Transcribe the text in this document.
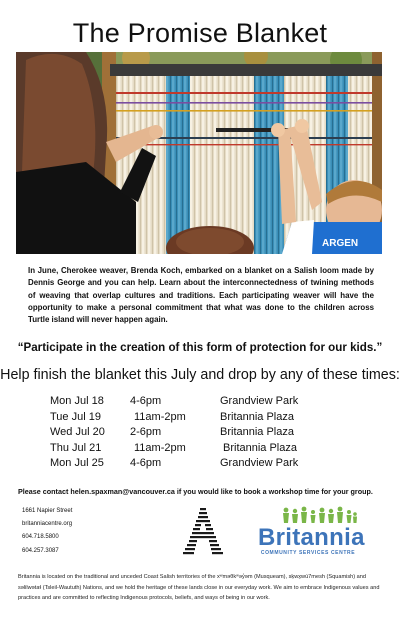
The Promise Blanket
ARGEN
In June, Cherokee weaver, Brenda Koch, embarked on a blanket on a Salish loom made by Dennis George and you can help. Learn about the interconnectedness of twining methods of weaving that overlap cultures and traditions. Each participating weaver will have the opportunity to make a personal commitment that what was done to the children across Turtle island will never happen again.
“Participate in the creation of this form of protection for our kids.”
Help finish the blanket this July and drop by any of these times:
Mon Jul 18 4-6pm	Grandview Park
Tue Jul 19	11am-2pm	Britannia Plaza
Wed Jul 20 2-6pm	Britannia Plaza
Thu Jul 21	11am-2pm	Britannia Plaza
Mon Jul 25 4-6pm	Grandview Park
Please contact helen.spaxman@vancouver.ca if you would like to book a workshop time for your group.
1661 Napier Street
britanniacentre.org
604.718.5800
604.257.3087	Britannia
COMMUNITY SERVICES CENTRE
Britannia is located on the traditional and unceded Coast Salish territories of the xʷməθkʷəy̓əm (Musqueam), sḵwx̱wú7mesh (Squamish) and səlilwətaɬ (Tsleil-Waututh) Nations, and we hold the heritage of these lands close in our everyday work. We aim to embrace Indigenous values and practices and are committed to reflecting Indigenous protocols, beliefs, and ways of being in our work.
